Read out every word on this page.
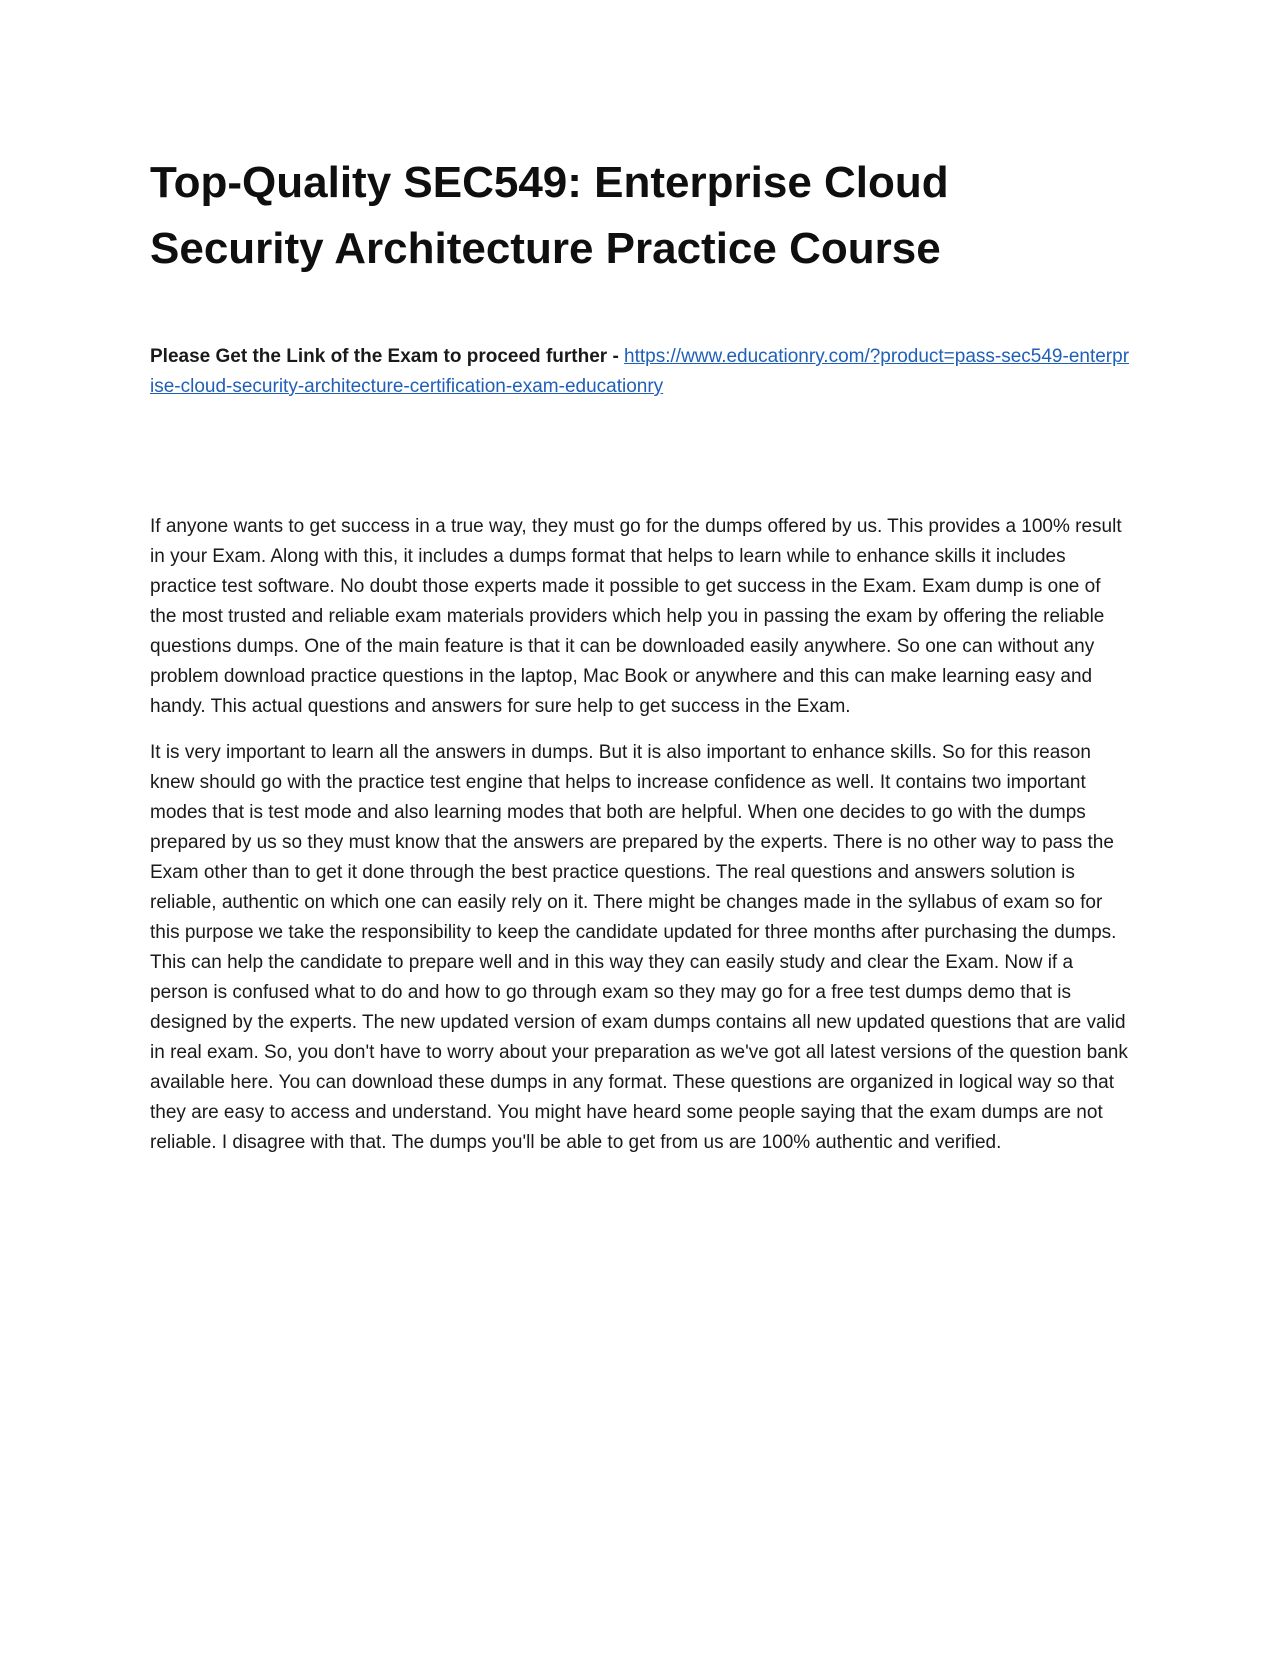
Top-Quality SEC549: Enterprise Cloud Security Architecture Practice Course

Please Get the Link of the Exam to proceed further - https://www.educationry.com/?product=pass-sec549-enterprise-cloud-security-architecture-certification-exam-educationry

If anyone wants to get success in a true way, they must go for the dumps offered by us. This provides a 100% result in your Exam. Along with this, it includes a dumps format that helps to learn while to enhance skills it includes practice test software. No doubt those experts made it possible to get success in the Exam. Exam dump is one of the most trusted and reliable exam materials providers which help you in passing the exam by offering the reliable questions dumps. One of the main feature is that it can be downloaded easily anywhere. So one can without any problem download practice questions in the laptop, Mac Book or anywhere and this can make learning easy and handy. This actual questions and answers for sure help to get success in the Exam.

It is very important to learn all the answers in dumps. But it is also important to enhance skills. So for this reason knew should go with the practice test engine that helps to increase confidence as well. It contains two important modes that is test mode and also learning modes that both are helpful. When one decides to go with the dumps prepared by us so they must know that the answers are prepared by the experts. There is no other way to pass the Exam other than to get it done through the best practice questions. The real questions and answers solution is reliable, authentic on which one can easily rely on it. There might be changes made in the syllabus of exam so for this purpose we take the responsibility to keep the candidate updated for three months after purchasing the dumps. This can help the candidate to prepare well and in this way they can easily study and clear the Exam. Now if a person is confused what to do and how to go through exam so they may go for a free test dumps demo that is designed by the experts. The new updated version of exam dumps contains all new updated questions that are valid in real exam. So, you don't have to worry about your preparation as we've got all latest versions of the question bank available here. You can download these dumps in any format. These questions are organized in logical way so that they are easy to access and understand. You might have heard some people saying that the exam dumps are not reliable. I disagree with that. The dumps you'll be able to get from us are 100% authentic and verified.
